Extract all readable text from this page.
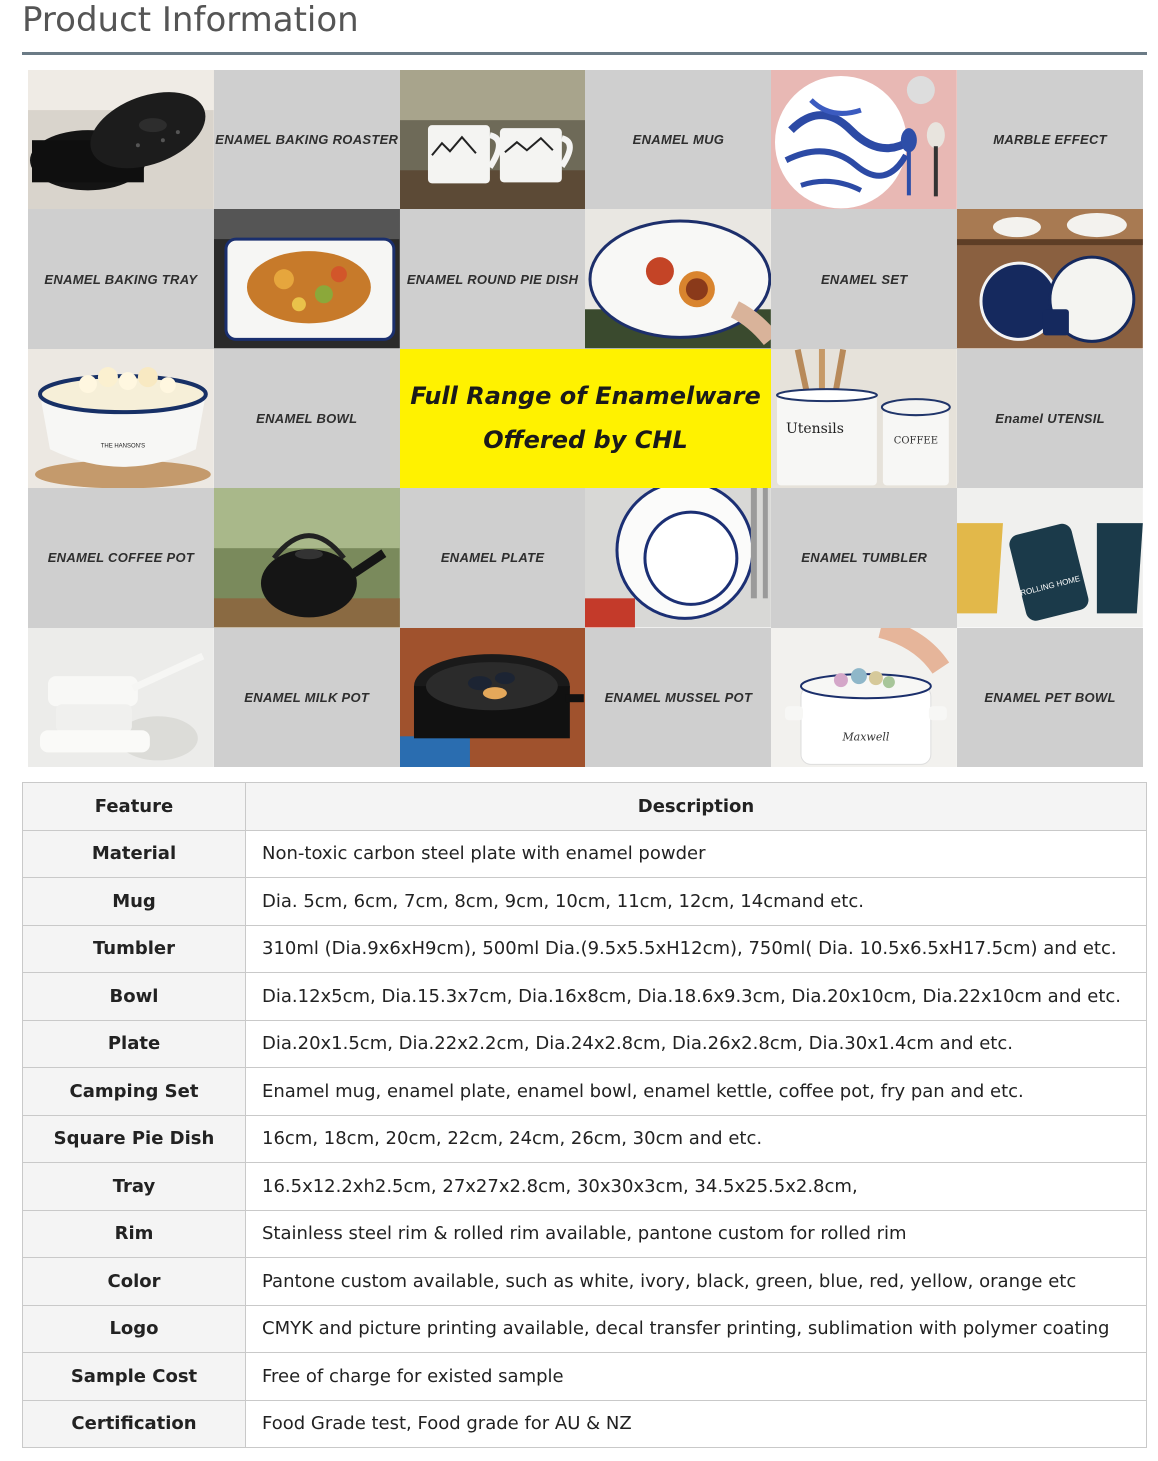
Product Information
ENAMEL BAKING ROASTER	ENAMEL MUG	MARBLE EFFECT
ENAMEL BAKING TRAY	ENAMEL ROUND PIE DISH	ENAMEL SET
THE HANSON'S
ENAMEL BOWL
Full Range of Enamelware
Offered by CHL	Utensils
COFFEE
Enamel UTENSIL
ENAMEL COFFEE POT	ENAMEL PLATE	ENAMEL TUMBLER
ROLLING HOME
ENAMEL MILK POT	ENAMEL MUSSEL POT
Maxwell
ENAMEL PET BOWL
Feature	Description
Material	Non-toxic carbon steel plate with enamel powder
Mug	Dia. 5cm, 6cm, 7cm, 8cm, 9cm, 10cm, 11cm, 12cm, 14cmand etc.
Tumbler	310ml (Dia.9x6xH9cm), 500ml Dia.(9.5x5.5xH12cm), 750ml( Dia. 10.5x6.5xH17.5cm) and etc.
Bowl	Dia.12x5cm, Dia.15.3x7cm, Dia.16x8cm, Dia.18.6x9.3cm, Dia.20x10cm, Dia.22x10cm and etc.
Plate	Dia.20x1.5cm, Dia.22x2.2cm, Dia.24x2.8cm, Dia.26x2.8cm, Dia.30x1.4cm and etc.
Camping Set	Enamel mug, enamel plate, enamel bowl, enamel kettle, coffee pot, fry pan and etc.
Square Pie Dish	16cm, 18cm, 20cm, 22cm, 24cm, 26cm, 30cm and etc.
Tray	16.5x12.2xh2.5cm, 27x27x2.8cm, 30x30x3cm, 34.5x25.5x2.8cm,
Rim	Stainless steel rim & rolled rim available, pantone custom for rolled rim
Color	Pantone custom available, such as white, ivory, black, green, blue, red, yellow, orange etc
Logo	CMYK and picture printing available, decal transfer printing, sublimation with polymer coating
Sample Cost	Free of charge for existed sample
Certification	Food Grade test, Food grade for AU & NZ
